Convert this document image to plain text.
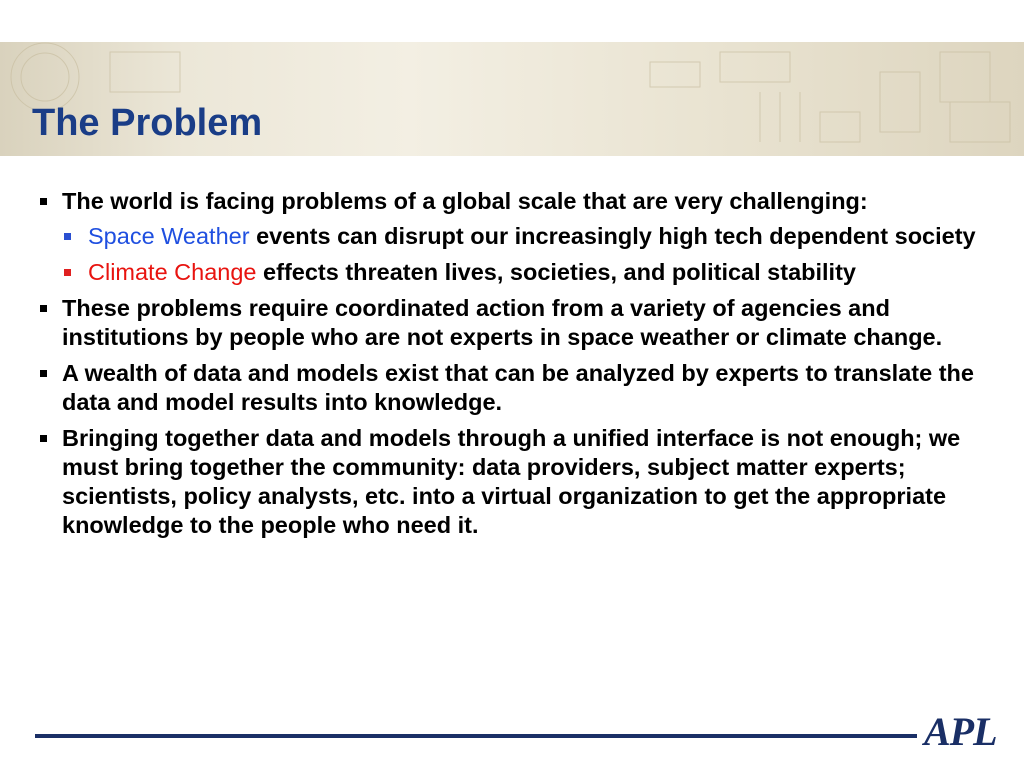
The Problem
The world is facing problems of a global scale that are very challenging:
Space Weather events can disrupt our increasingly high tech dependent society
Climate Change effects threaten lives, societies, and political stability
These problems require coordinated action from a variety of agencies and institutions by people who are not experts in space weather or climate change.
A wealth of data and models exist that can be analyzed by experts to translate the data and model results into knowledge.
Bringing together data and models through a unified interface is not enough; we must bring together the community: data providers, subject matter experts; scientists, policy analysts, etc. into a virtual organization to get the appropriate knowledge to the people who need it.
APL
